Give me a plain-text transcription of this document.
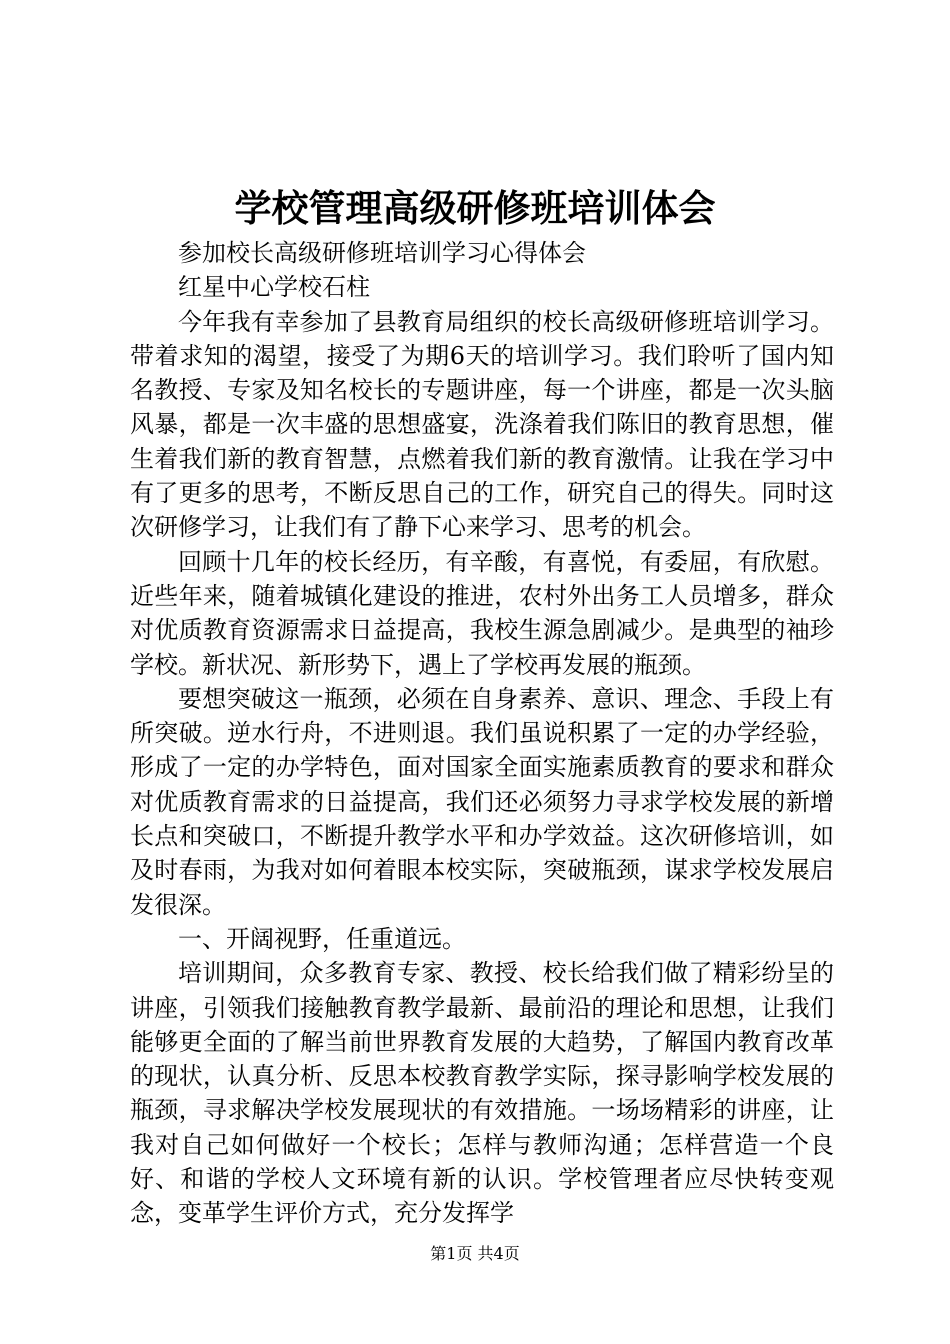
学校管理高级研修班培训体会

参加校长高级研修班培训学习心得体会

红星中心学校石柱

今年我有幸参加了县教育局组织的校长高级研修班培训学习。带着求知的渴望，接受了为期6天的培训学习。我们聆听了国内知名教授、专家及知名校长的专题讲座，每一个讲座，都是一次头脑风暴，都是一次丰盛的思想盛宴，洗涤着我们陈旧的教育思想，催生着我们新的教育智慧，点燃着我们新的教育激情。让我在学习中有了更多的思考，不断反思自己的工作，研究自己的得失。同时这次研修学习，让我们有了静下心来学习、思考的机会。

回顾十几年的校长经历，有辛酸，有喜悦，有委屈，有欣慰。近些年来，随着城镇化建设的推进，农村外出务工人员增多，群众对优质教育资源需求日益提高，我校生源急剧减少。是典型的袖珍学校。新状况、新形势下，遇上了学校再发展的瓶颈。

要想突破这一瓶颈，必须在自身素养、意识、理念、手段上有所突破。逆水行舟，不进则退。我们虽说积累了一定的办学经验，形成了一定的办学特色，面对国家全面实施素质教育的要求和群众对优质教育需求的日益提高，我们还必须努力寻求学校发展的新增长点和突破口，不断提升教学水平和办学效益。这次研修培训，如及时春雨，为我对如何着眼本校实际，突破瓶颈，谋求学校发展启发很深。

一、开阔视野，任重道远。

培训期间，众多教育专家、教授、校长给我们做了精彩纷呈的讲座，引领我们接触教育教学最新、最前沿的理论和思想，让我们能够更全面的了解当前世界教育发展的大趋势，了解国内教育改革的现状，认真分析、反思本校教育教学实际，探寻影响学校发展的瓶颈，寻求解决学校发展现状的有效措施。一场场精彩的讲座，让我对自己如何做好一个校长；怎样与教师沟通；怎样营造一个良好、和谐的学校人文环境有新的认识。学校管理者应尽快转变观念，变革学生评价方式，充分发挥学

第1页 共4页
